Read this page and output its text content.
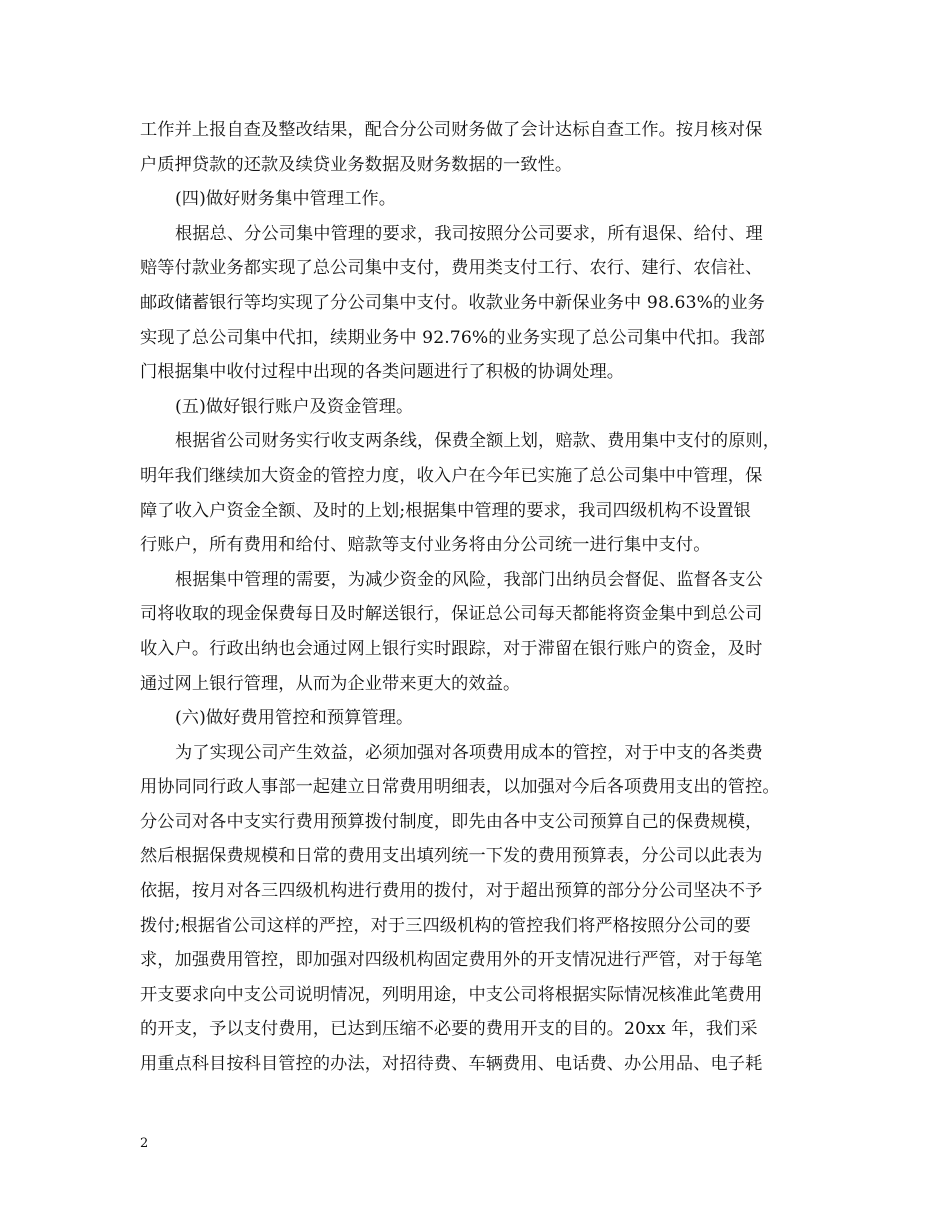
工作并上报自查及整改结果，配合分公司财务做了会计达标自查工作。按月核对保
户质押贷款的还款及续贷业务数据及财务数据的一致性。
(四)做好财务集中管理工作。
根据总、分公司集中管理的要求，我司按照分公司要求，所有退保、给付、理
赔等付款业务都实现了总公司集中支付，费用类支付工行、农行、建行、农信社、
邮政储蓄银行等均实现了分公司集中支付。收款业务中新保业务中 98.63%的业务
实现了总公司集中代扣，续期业务中 92.76%的业务实现了总公司集中代扣。我部
门根据集中收付过程中出现的各类问题进行了积极的协调处理。
(五)做好银行账户及资金管理。
根据省公司财务实行收支两条线，保费全额上划，赔款、费用集中支付的原则，
明年我们继续加大资金的管控力度，收入户在今年已实施了总公司集中中管理，保
障了收入户资金全额、及时的上划;根据集中管理的要求，我司四级机构不设置银
行账户，所有费用和给付、赔款等支付业务将由分公司统一进行集中支付。
根据集中管理的需要，为减少资金的风险，我部门出纳员会督促、监督各支公
司将收取的现金保费每日及时解送银行，保证总公司每天都能将资金集中到总公司
收入户。行政出纳也会通过网上银行实时跟踪，对于滞留在银行账户的资金，及时
通过网上银行管理，从而为企业带来更大的效益。
(六)做好费用管控和预算管理。
为了实现公司产生效益，必须加强对各项费用成本的管控，对于中支的各类费
用协同同行政人事部一起建立日常费用明细表，以加强对今后各项费用支出的管控。
分公司对各中支实行费用预算拨付制度，即先由各中支公司预算自己的保费规模，
然后根据保费规模和日常的费用支出填列统一下发的费用预算表，分公司以此表为
依据，按月对各三四级机构进行费用的拨付，对于超出预算的部分分公司坚决不予
拨付;根据省公司这样的严控，对于三四级机构的管控我们将严格按照分公司的要
求，加强费用管控，即加强对四级机构固定费用外的开支情况进行严管，对于每笔
开支要求向中支公司说明情况，列明用途，中支公司将根据实际情况核准此笔费用
的开支，予以支付费用，已达到压缩不必要的费用开支的目的。20xx 年，我们采
用重点科目按科目管控的办法，对招待费、车辆费用、电话费、办公用品、电子耗
2
